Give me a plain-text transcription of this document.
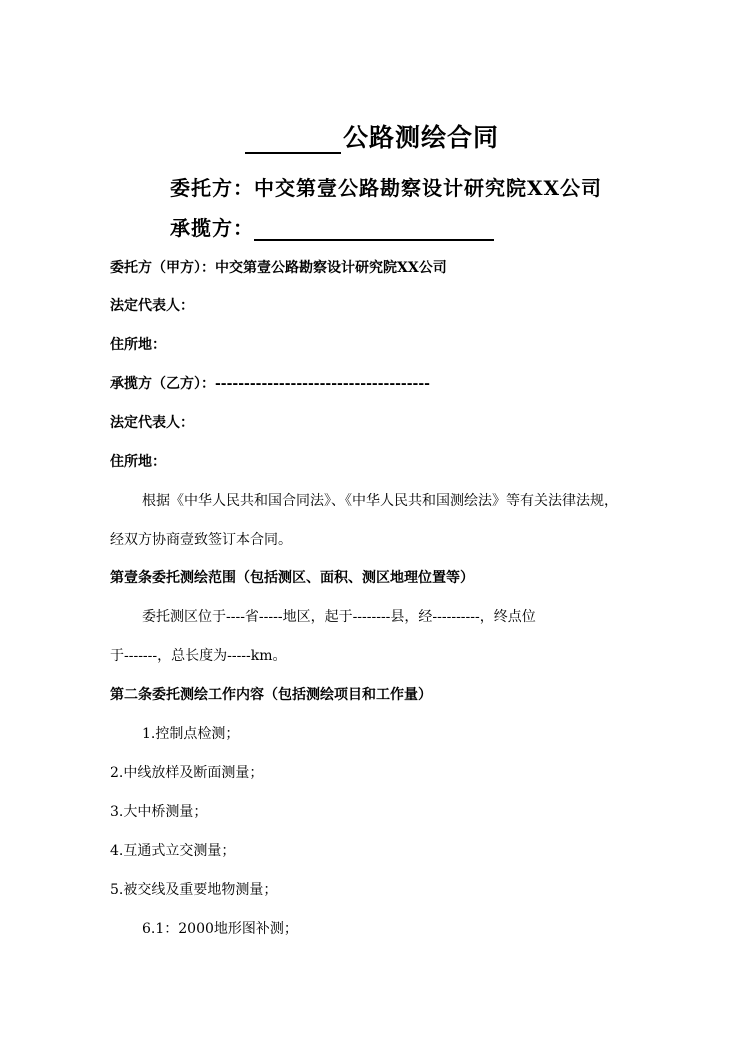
公路测绘合同
委托方：中交第壹公路勘察设计研究院XX公司
承揽方：
委托方（甲方）：中交第壹公路勘察设计研究院XX公司
法定代表人：
住所地：
承揽方（乙方）：-------------------------------------
法定代表人：
住所地：
根据《中华人民共和国合同法》、《中华人民共和国测绘法》等有关法律法规，
经双方协商壹致签订本合同。
第壹条委托测绘范围（包括测区、面积、测区地理位置等）
委托测区位于----省-----地区，起于--------县，经----------，终点位
于-------，总长度为-----km。
第二条委托测绘工作内容（包括测绘项目和工作量）
1.控制点检测；
2.中线放样及断面测量；
3.大中桥测量；
4.互通式立交测量；
5.被交线及重要地物测量；
6.1：2000地形图补测；
